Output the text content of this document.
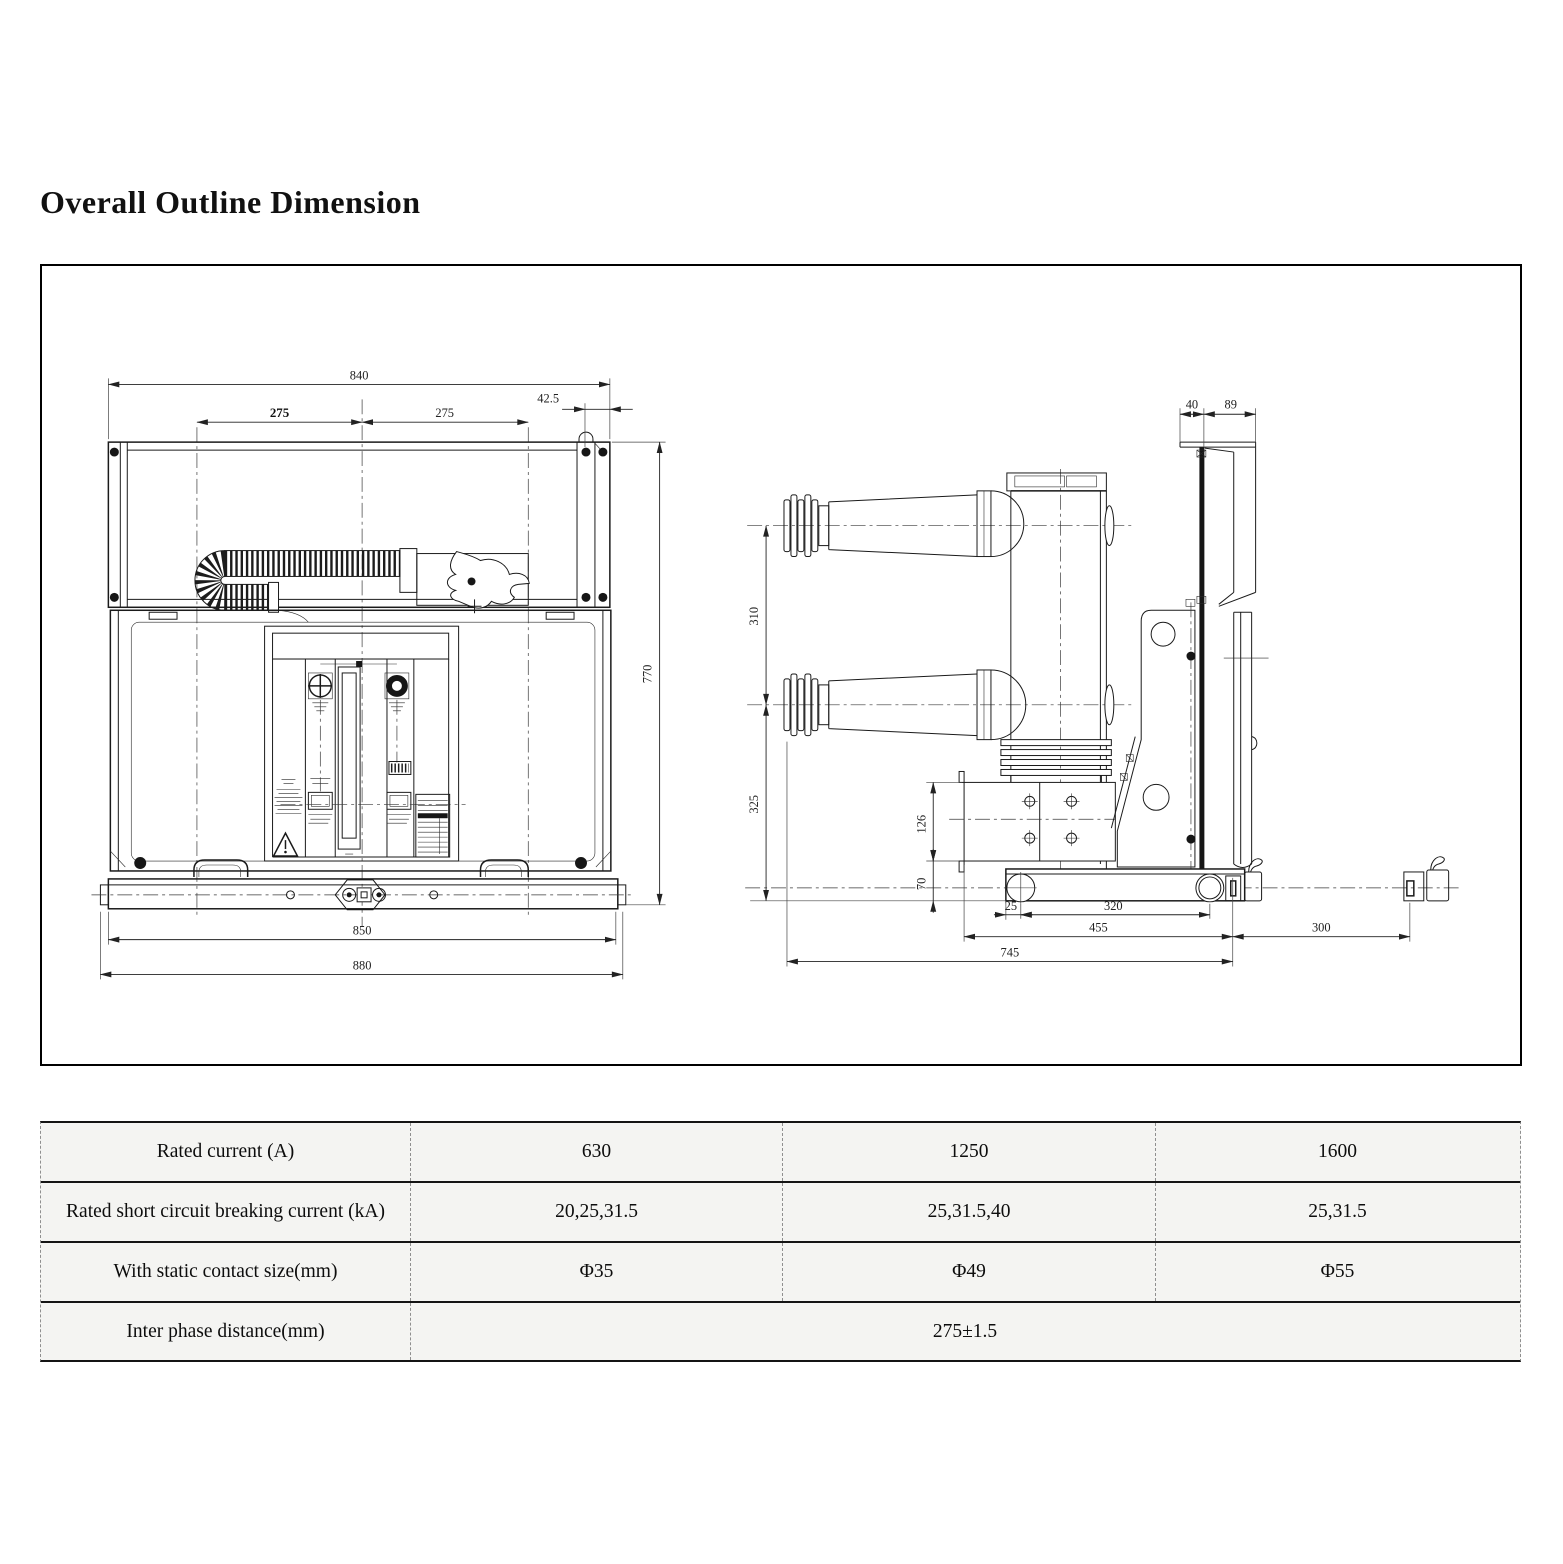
Overall Outline Dimension
840
275	275
42.5
770
850
880
40 89
310
325
126
70
25	320
455	300
745
Rated current (A)	630	1250	1600
Rated short circuit breaking current (kA)	20,25,31.5	25,31.5,40	25,31.5
With static contact size(mm)	Φ35	Φ49	Φ55
Inter phase distance(mm)	275±1.5
